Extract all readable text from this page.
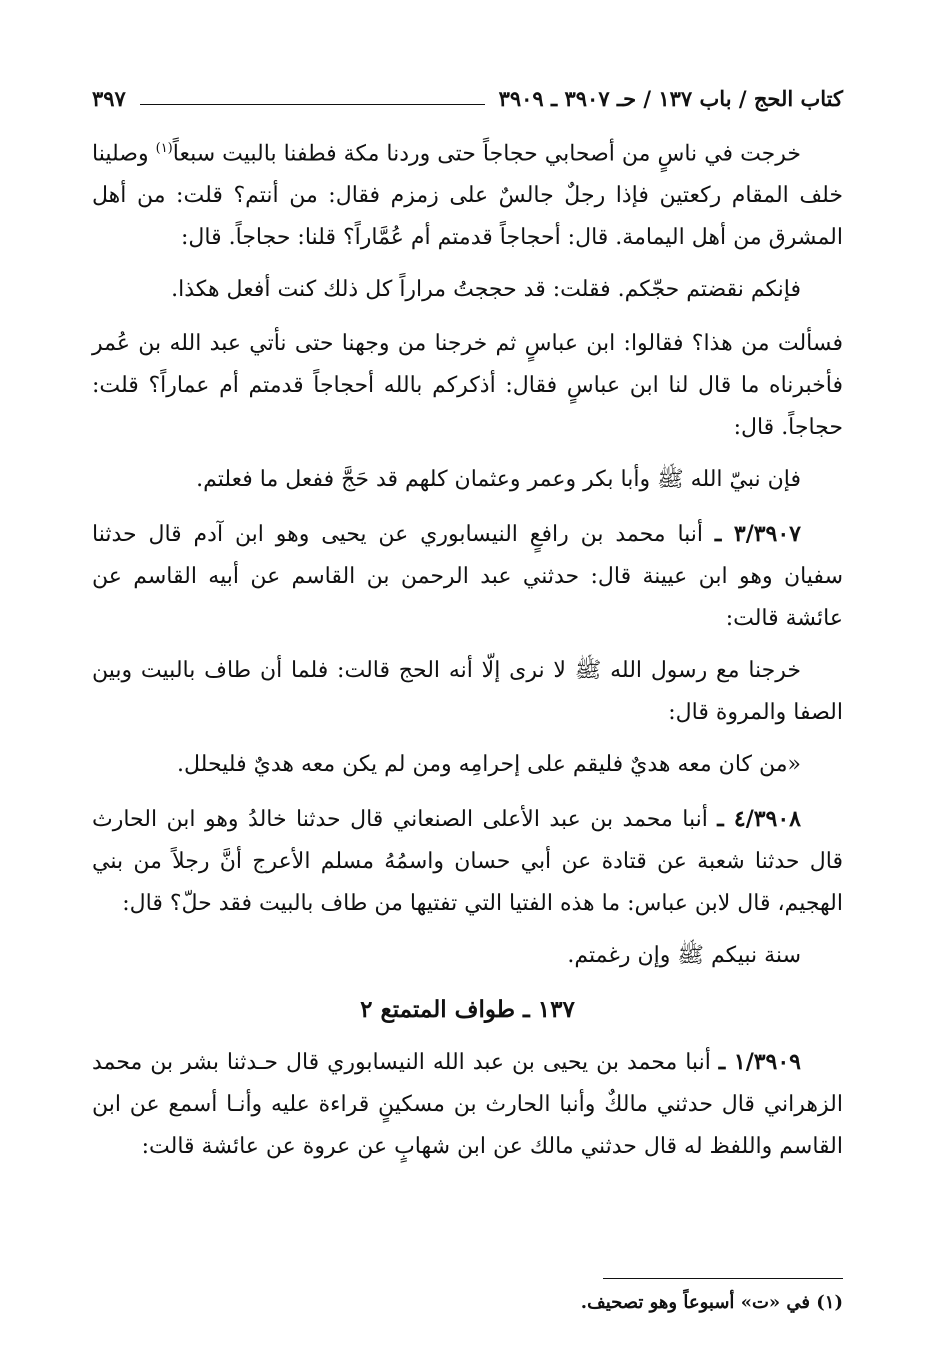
كتاب الحج / باب ١٣٧ / حـ ٣٩٠٧ ـ ٣٩٠٩
٣٩٧

خرجت في ناسٍ من أصحابي حجاجاً حتى وردنا مكة فطفنا بالبيت سبعاً$^{(١)}$ وصلينا خلف المقام ركعتين فإذا رجلٌ جالسٌ على زمزم فقال: من أنتم؟ قلت: من أهل المشرق من أهل اليمامة. قال: أحجاجاً قدمتم أم عُمَّاراً؟ قلنا: حجاجاً. قال:

فإنكم نقضتم حجّكم. فقلت: قد حججتُ مراراً كل ذلك كنت أفعل هكذا.

فسألت من هذا؟ فقالوا: ابن عباسٍ ثم خرجنا من وجهنا حتى نأتي عبد الله بن عُمر فأخبرناه ما قال لنا ابن عباسٍ فقال: أذكركم بالله أحجاجاً قدمتم أم عماراً؟ قلت: حجاجاً. قال:

فإن نبيّ الله ﷺ وأبا بكر وعمر وعثمان كلهم قد حَجَّ ففعل ما فعلتم.

٣/٣٩٠٧ ـ أنبا محمد بن رافعٍ النيسابوري عن يحيى وهو ابن آدم قال حدثنا سفيان وهو ابن عيينة قال: حدثني عبد الرحمن بن القاسم عن أبيه القاسم عن عائشة قالت:

خرجنا مع رسول الله ﷺ لا نرى إلّا أنه الحج قالت: فلما أن طاف بالبيت وبين الصفا والمروة قال:

«من كان معه هديٌ فليقم على إحرامِه ومن لم يكن معه هديٌ فليحلل.

٤/٣٩٠٨ ـ أنبا محمد بن عبد الأعلى الصنعاني قال حدثنا خالدُ وهو ابن الحارث قال حدثنا شعبة عن قتادة عن أبي حسان واسمُهُ مسلم الأعرج أنَّ رجلاً من بني الهجيم، قال لابن عباس: ما هذه الفتيا التي تفتيها من طاف بالبيت فقد حلّ؟ قال:

سنة نبيكم ﷺ وإن رغمتم.

١٣٧ ـ طواف المتمتع ٢

١/٣٩٠٩ ـ أنبا محمد بن يحيى بن عبد الله النيسابوري قال حـدثنا بشر بن محمد الزهراني قال حدثني مالكٌ وأنبا الحارث بن مسكينٍ قراءة عليه وأنـا أسمع عن ابن القاسم واللفظ له قال حدثني مالك عن ابن شهابٍ عن عروة عن عائشة قالت:

(١) في «ت» أسبوعاً وهو تصحيف.
